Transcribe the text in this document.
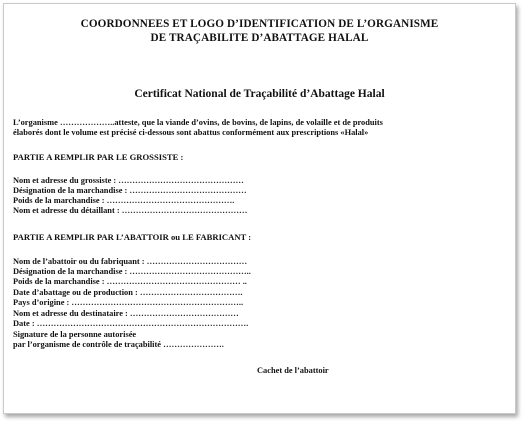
COORDONNEES ET LOGO D’IDENTIFICATION DE L’ORGANISME
DE TRAÇABILITE D’ABATTAGE HALAL
Certificat National de Traçabilité d’Abattage Halal
L’organisme ………………..atteste, que la viande d’ovins, de bovins, de lapins, de volaille et de produits
élaborés dont le volume est précisé ci-dessous sont abattus conformément aux prescriptions «Halal»
PARTIE A REMPLIR PAR LE GROSSISTE :
Nom et adresse du grossiste : ………………………………………
Désignation de la marchandise : ……………………………………
Poids de la marchandise : ……………………………………….
Nom et adresse du détaillant : ………………………………………
PARTIE A REMPLIR PAR L’ABATTOIR ou LE FABRICANT :
Nom de l’abattoir ou du fabriquant : ………………………………
Désignation de la marchandise : ……………………………………..
Poids de la marchandise : ………………………………………… ..
Date d’abattage ou de production : ……………………………….
Pays d’origine : ……………………………………………………..
Nom et adresse du destinataire : …………………………………
Date : ………………………………………………………………….
Signature de la personne autorisée
par l’organisme de contrôle de traçabilité ………………….
Cachet de l’abattoir
